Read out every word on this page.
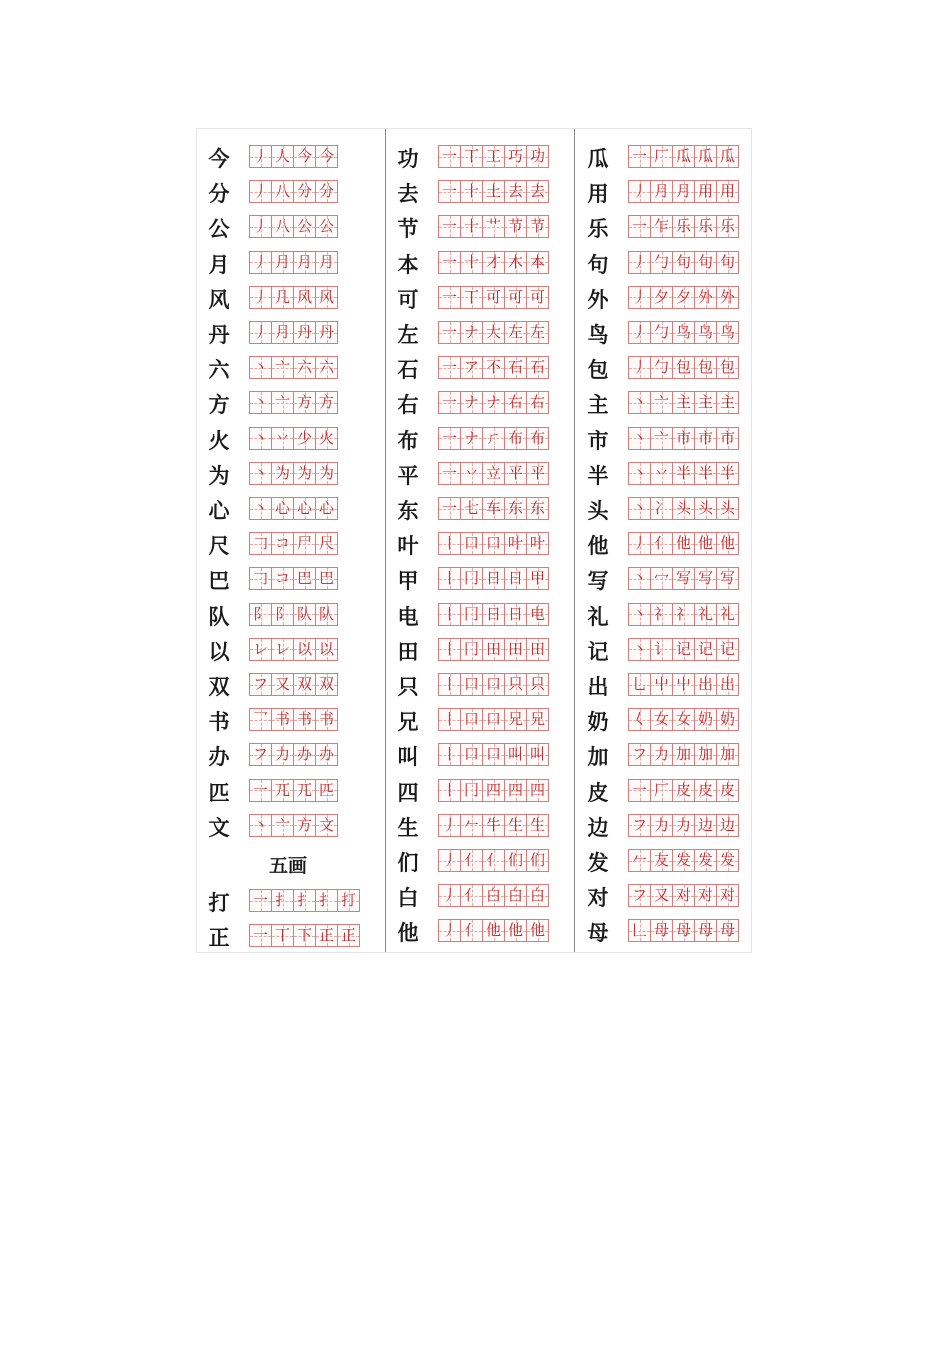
今 丿 人 今 今
分 丿 八 分 分
公 丿 八 公 公
月 丿 月 月 月
风 丿 几 风 风
丹 丿 月 丹 丹
六 丶 亠 六 六
方 丶 亠 方 方
火 丶 丷 少 火
为 丶 为 为 为
心 丶 心 心 心
尺 𠃌 コ 尸 尺
巴 𠃌 コ 巴 巴
队 阝 阝 队 队
以 レ レ 以 以
双 フ 又 双 双
书 乛 书 书 书
办 フ 力 办 办
匹 一 兀 兀 匹
文 丶 亠 方 文
五画
打 一 扌 扌 扌 打
正 一 丅 下 正 正
功 一 丅 工 巧 功
去 一 十 土 去 去
节 一 十 艹 节 节
本 一 十 才 木 本
可 一 丅 可 可 可
左 一 ナ 大 左 左
石 一 ア 不 石 石
右 一 ナ ナ 右 右
布 一 ナ ㄏ 布 布
平 一 丷 立 平 平
东 一 七 车 东 东
叶 丨 口 口 叶 叶
甲 丨 冂 日 日 甲
电 丨 冂 日 日 电
田 丨 冂 田 田 田
只 丨 口 口 只 只
兄 丨 口 口 兄 兄
叫 丨 口 口 叫 叫
四 丨 冂 四 四 四
生 丿 𠂉 牛 生 生
们 丿 亻 亻 们 们
白 丿 亻 白 白 白
他 丿 亻 他 他 他
瓜 一 厂 瓜 瓜 瓜
用 丿 月 月 用 用
乐 一 乍 乐 乐 乐
句 丿 勹 句 句 句
外 丿 夕 夕 外 外
鸟 丿 勹 鸟 鸟 鸟
包 丿 勹 包 包 包
主 丶 亠 主 主 主
市 丶 亠 市 市 市
半 丶 丷 半 半 半
头 丶 冫 头 头 头
他 丿 亻 他 他 他
写 丶 冖 写 写 写
礼 丶 礻 礻 礼 礼
记 丶 讠 记 记 记
出 乚 屮 屮 出 出
奶 𡿨 女 女 奶 奶
加 フ 力 加 加 加
皮 一 厂 皮 皮 皮
边 フ 力 力 边 边
发 𠂉 友 发 发 发
对 フ 又 对 对 对
母 𠃊 母 母 母 母
